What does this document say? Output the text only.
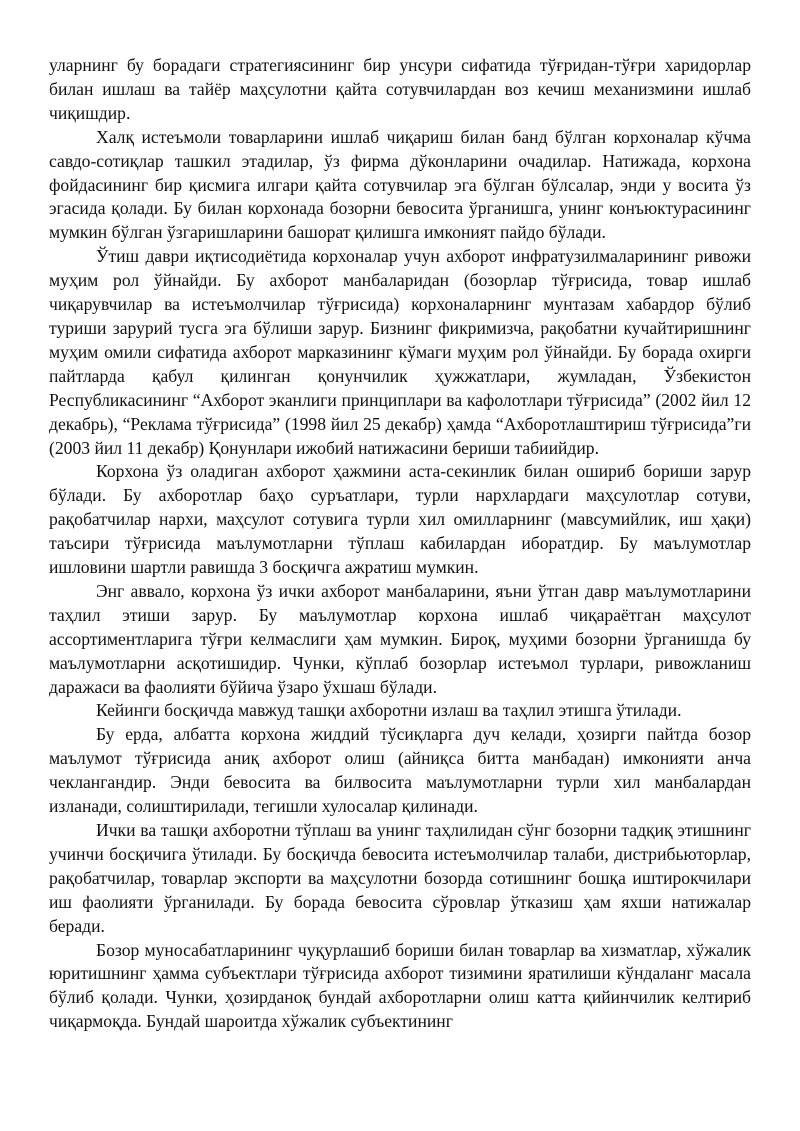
уларнинг бу борадаги стратегиясининг бир унсури сифатида тўғридан-тўғри харидорлар билан ишлаш ва тайёр маҳсулотни қайта сотувчилардан воз кечиш механизмини ишлаб чиқишдир.

Халқ истеъмоли товарларини ишлаб чиқариш билан банд бўлган корхоналар кўчма савдо-сотиқлар ташкил этадилар, ўз фирма дўконларини очадилар. Натижада, корхона фойдасининг бир қисмига илгари қайта сотувчилар эга бўлган бўлсалар, энди у восита ўз эгасида қолади. Бу билан корхонада бозорни бевосита ўрганишга, унинг конъюктурасининг мумкин бўлган ўзгаришларини башорат қилишга имконият пайдо бўлади.

Ўтиш даври иқтисодиётида корхоналар учун ахборот инфратузилмаларининг ривожи муҳим рол ўйнайди. Бу ахборот манбаларидан (бозорлар тўғрисида, товар ишлаб чиқарувчилар ва истеъмолчилар тўғрисида) корхоналарнинг мунтазам хабардор бўлиб туриши зарурий тусга эга бўлиши зарур. Бизнинг фикримизча, рақобатни кучайтиришнинг муҳим омили сифатида ахборот марказининг кўмаги муҳим рол ўйнайди. Бу борада охирги пайтларда қабул қилинган қонунчилик ҳужжатлари, жумладан, Ўзбекистон Республикасининг “Ахборот эканлиги принциплари ва кафолотлари тўғрисида” (2002 йил 12 декабрь), “Реклама тўғрисида” (1998 йил 25 декабр) ҳамда “Ахборотлаштириш тўғрисида”ги (2003 йил 11 декабр) Қонунлари ижобий натижасини бериши табиийдир.

Корхона ўз оладиган ахборот ҳажмини аста-секинлик билан ошириб бориши зарур бўлади. Бу ахборотлар баҳо суръатлари, турли нархлардаги маҳсулотлар сотуви, рақобатчилар нархи, маҳсулот сотувига турли хил омилларнинг (мавсумийлик, иш ҳақи) таъсири тўғрисида маълумотларни тўплаш кабилардан иборатдир. Бу маълумотлар ишловини шартли равишда 3 босқичга ажратиш мумкин.

Энг аввало, корхона ўз ички ахборот манбаларини, яъни ўтган давр маълумотларини таҳлил этиши зарур. Бу маълумотлар корхона ишлаб чиқараётган маҳсулот ассортиментларига тўғри келмаслиги ҳам мумкин. Бироқ, муҳими бозорни ўрганишда бу маълумотларни асқотишидир. Чунки, кўплаб бозорлар истеъмол турлари, ривожланиш даражаси ва фаолияти бўйича ўзаро ўхшаш бўлади.

Кейинги босқичда мавжуд ташқи ахборотни излаш ва таҳлил этишга ўтилади.

Бу ерда, албатта корхона жиддий тўсиқларга дуч келади, ҳозирги пайтда бозор маълумот тўғрисида аниқ ахборот олиш (айниқса битта манбадан) имконияти анча чеклангандир. Энди бевосита ва билвосита маълумотларни турли хил манбалардан изланади, солиштирилади, тегишли хулосалар қилинади.

Ички ва ташқи ахборотни тўплаш ва унинг таҳлилидан сўнг бозорни тадқиқ этишнинг учинчи босқичига ўтилади. Бу босқичда бевосита истеъмолчилар талаби, дистрибьюторлар, рақобатчилар, товарлар экспорти ва маҳсулотни бозорда сотишнинг бошқа иштирокчилари иш фаолияти ўрганилади. Бу борада бевосита сўровлар ўтказиш ҳам яхши натижалар беради.

Бозор муносабатларининг чуқурлашиб бориши билан товарлар ва хизматлар, хўжалик юритишнинг ҳамма субъектлари тўғрисида ахборот тизимини яратилиши кўндаланг масала бўлиб қолади. Чунки, ҳозирданоқ бундай ахборотларни олиш катта қийинчилик келтириб чиқармоқда. Бундай шароитда хўжалик субъектининг
